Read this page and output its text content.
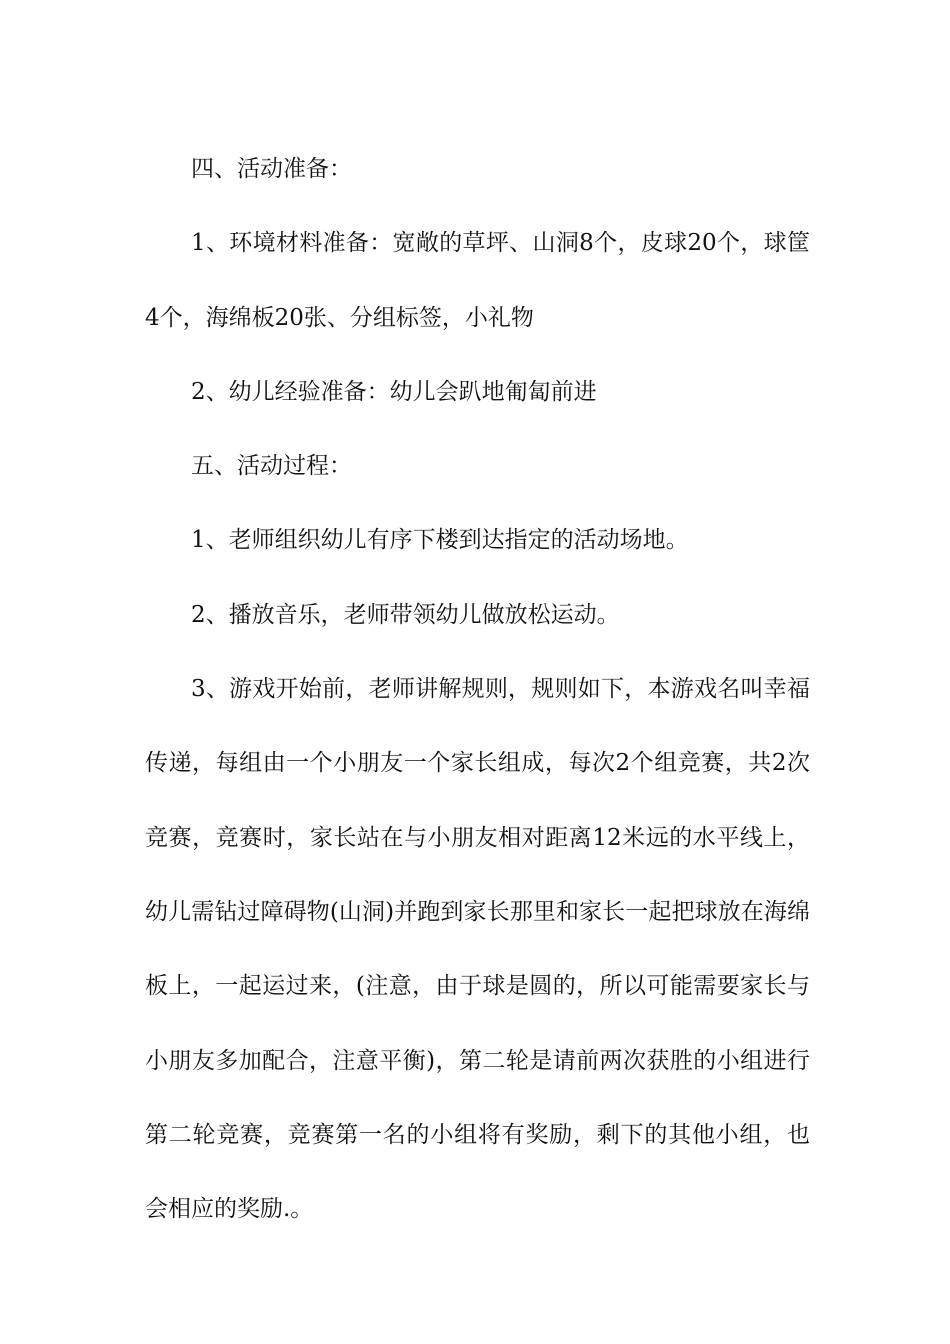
四、活动准备：

1、环境材料准备：宽敞的草坪、山洞8个，皮球20个，球筐4个，海绵板20张、分组标签，小礼物

2、幼儿经验准备：幼儿会趴地匍匐前进

五、活动过程：

1、老师组织幼儿有序下楼到达指定的活动场地。

2、播放音乐，老师带领幼儿做放松运动。

3、游戏开始前，老师讲解规则，规则如下，本游戏名叫幸福传递，每组由一个小朋友一个家长组成，每次2个组竞赛，共2次竞赛，竞赛时，家长站在与小朋友相对距离12米远的水平线上，幼儿需钻过障碍物(山洞)并跑到家长那里和家长一起把球放在海绵板上，一起运过来，(注意，由于球是圆的，所以可能需要家长与小朋友多加配合，注意平衡)，第二轮是请前两次获胜的小组进行第二轮竞赛，竞赛第一名的小组将有奖励，剩下的其他小组，也会相应的奖励.。
